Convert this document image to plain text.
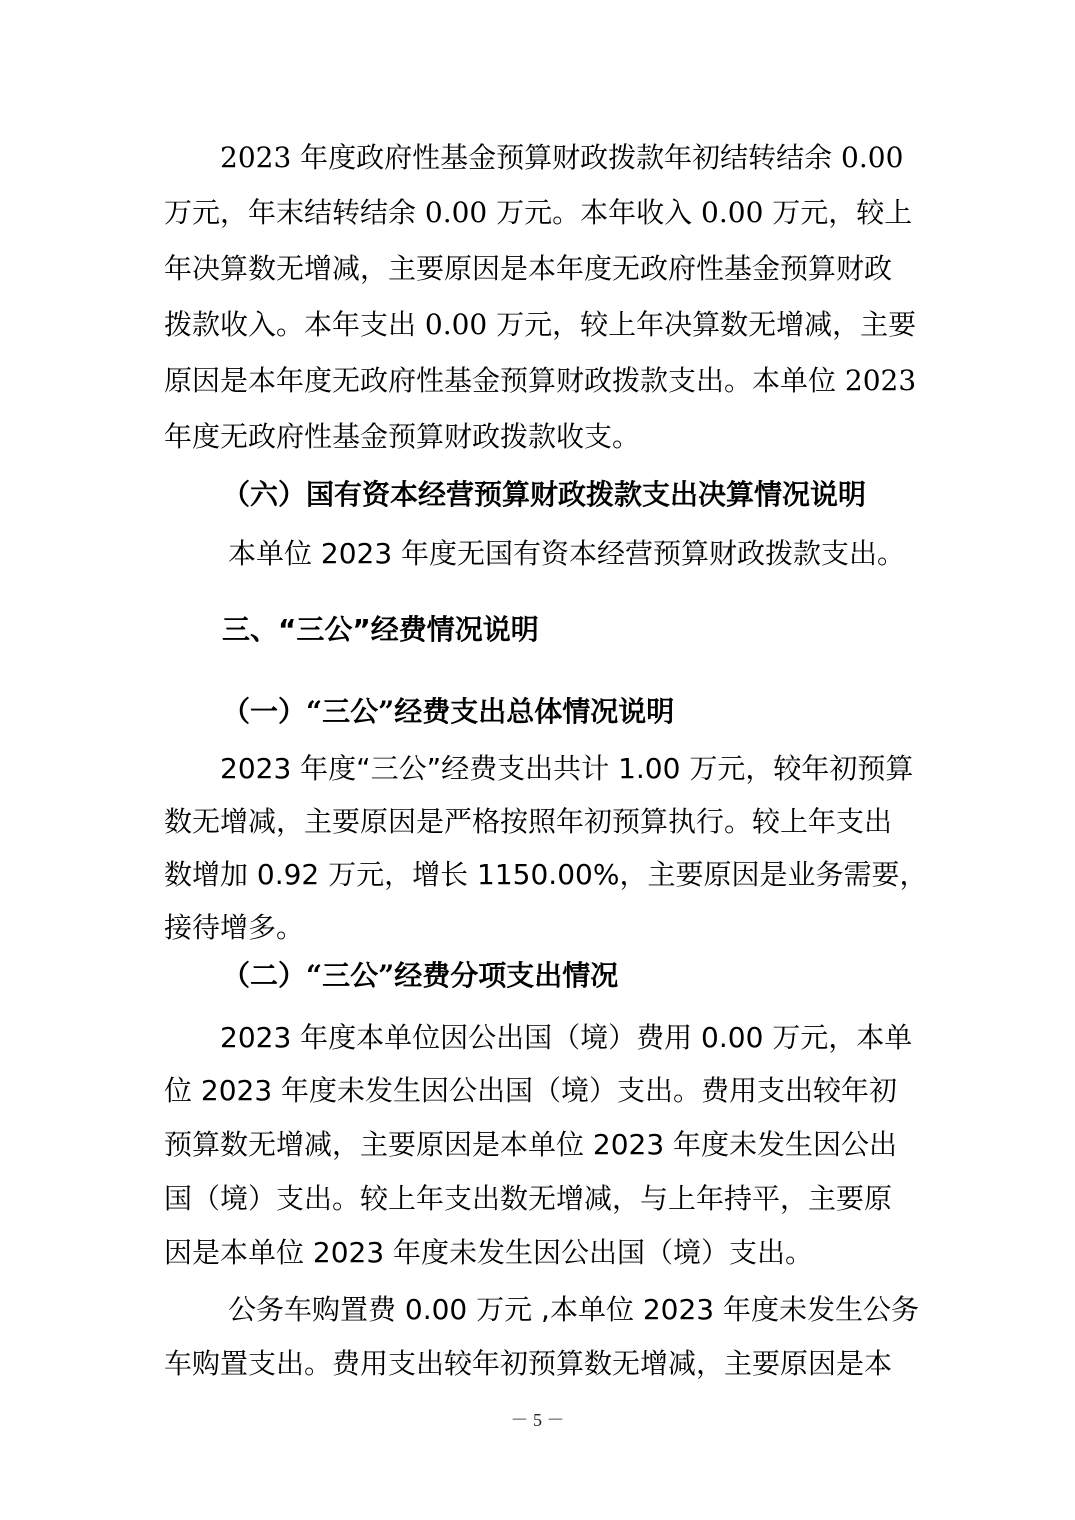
2023 年度政府性基金预算财政拨款年初结转结余 0.00
万元，年末结转结余 0.00 万元。本年收入 0.00 万元，较上
年决算数无增减，主要原因是本年度无政府性基金预算财政
拨款收入。本年支出 0.00 万元，较上年决算数无增减，主要
原因是本年度无政府性基金预算财政拨款支出。本单位 2023
年度无政府性基金预算财政拨款收支。
（六）国有资本经营预算财政拨款支出决算情况说明
本单位 2023 年度无国有资本经营预算财政拨款支出。
三、“三公”经费情况说明
（一）“三公”经费支出总体情况说明
2023 年度“三公”经费支出共计 1.00 万元，较年初预算
数无增减，主要原因是严格按照年初预算执行。较上年支出
数增加 0.92 万元，增长 1150.00%，主要原因是业务需要，
接待增多。
（二）“三公”经费分项支出情况
2023 年度本单位因公出国（境）费用 0.00 万元，本单
位 2023 年度未发生因公出国（境）支出。费用支出较年初
预算数无增减，主要原因是本单位 2023 年度未发生因公出
国（境）支出。较上年支出数无增减，与上年持平，主要原
因是本单位 2023 年度未发生因公出国（境）支出。
公务车购置费 0.00 万元 ,本单位 2023 年度未发生公务
车购置支出。费用支出较年初预算数无增减，主要原因是本
－ 5 －
